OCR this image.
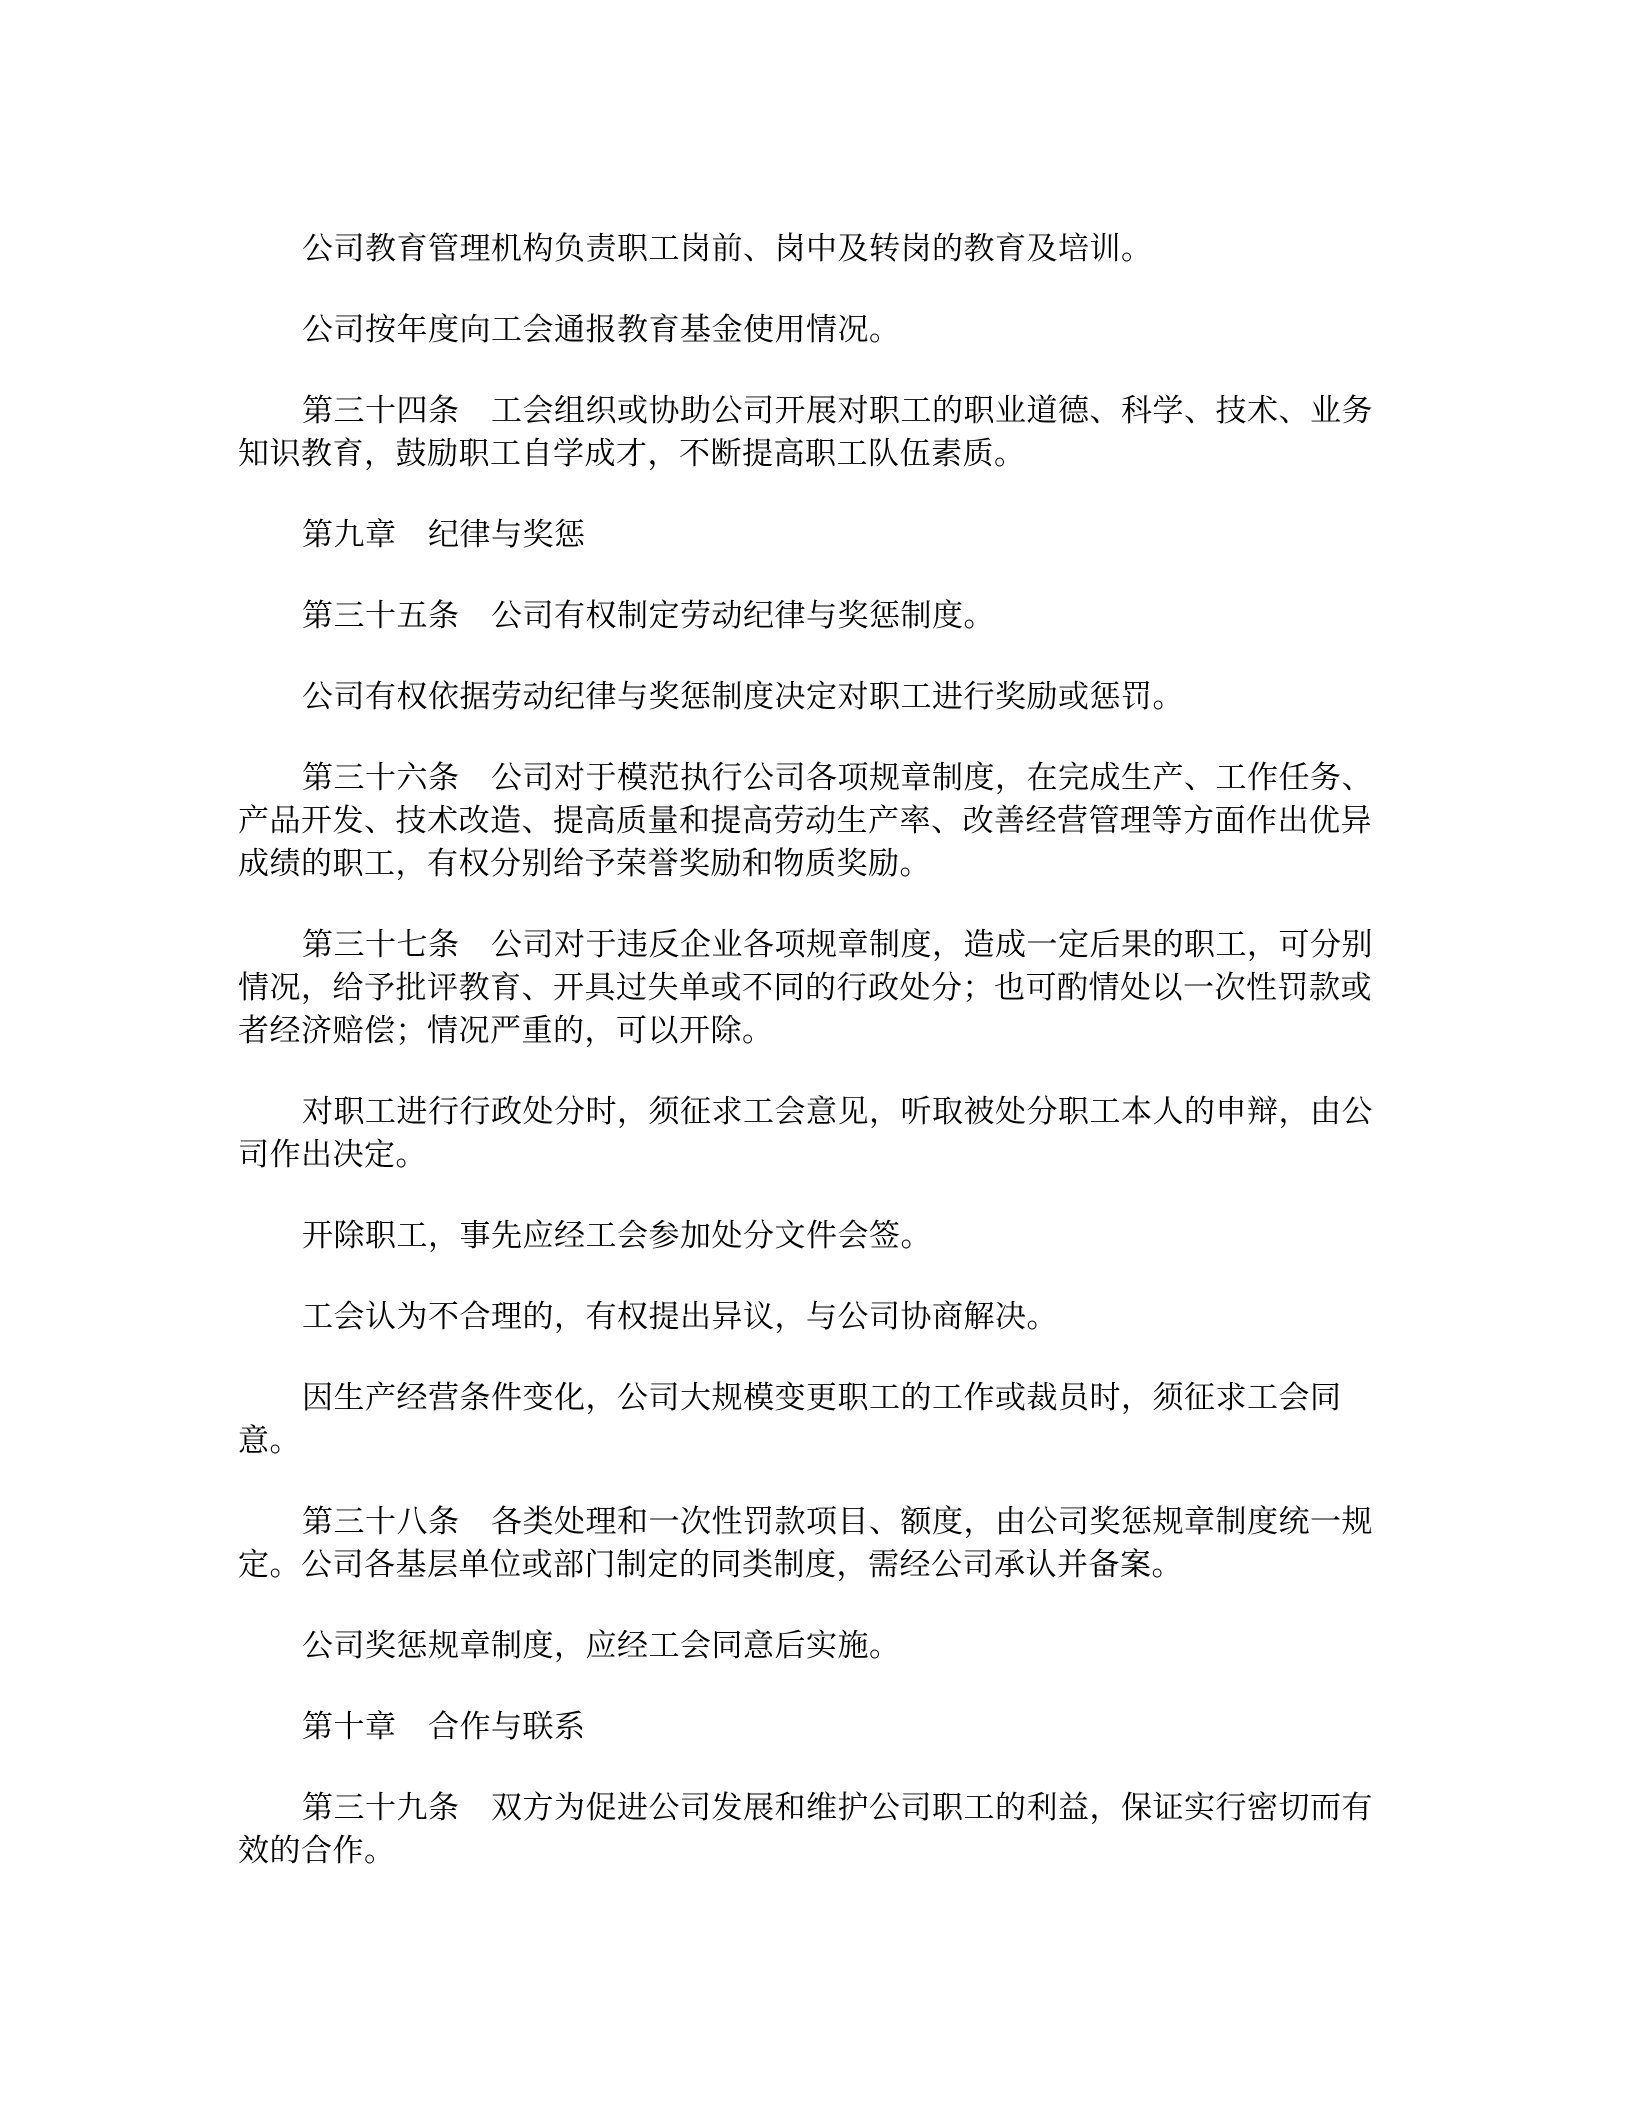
公司教育管理机构负责职工岗前、岗中及转岗的教育及培训。

公司按年度向工会通报教育基金使用情况。

第三十四条　工会组织或协助公司开展对职工的职业道德、科学、技术、业务知识教育，鼓励职工自学成才，不断提高职工队伍素质。

第九章　纪律与奖惩

第三十五条　公司有权制定劳动纪律与奖惩制度。

公司有权依据劳动纪律与奖惩制度决定对职工进行奖励或惩罚。

第三十六条　公司对于模范执行公司各项规章制度，在完成生产、工作任务、产品开发、技术改造、提高质量和提高劳动生产率、改善经营管理等方面作出优异成绩的职工，有权分别给予荣誉奖励和物质奖励。

第三十七条　公司对于违反企业各项规章制度，造成一定后果的职工，可分别情况，给予批评教育、开具过失单或不同的行政处分；也可酌情处以一次性罚款或者经济赔偿；情况严重的，可以开除。

对职工进行行政处分时，须征求工会意见，听取被处分职工本人的申辩，由公司作出决定。

开除职工，事先应经工会参加处分文件会签。

工会认为不合理的，有权提出异议，与公司协商解决。

因生产经营条件变化，公司大规模变更职工的工作或裁员时，须征求工会同意。

第三十八条　各类处理和一次性罚款项目、额度，由公司奖惩规章制度统一规定。公司各基层单位或部门制定的同类制度，需经公司承认并备案。

公司奖惩规章制度，应经工会同意后实施。

第十章　合作与联系

第三十九条　双方为促进公司发展和维护公司职工的利益，保证实行密切而有效的合作。
